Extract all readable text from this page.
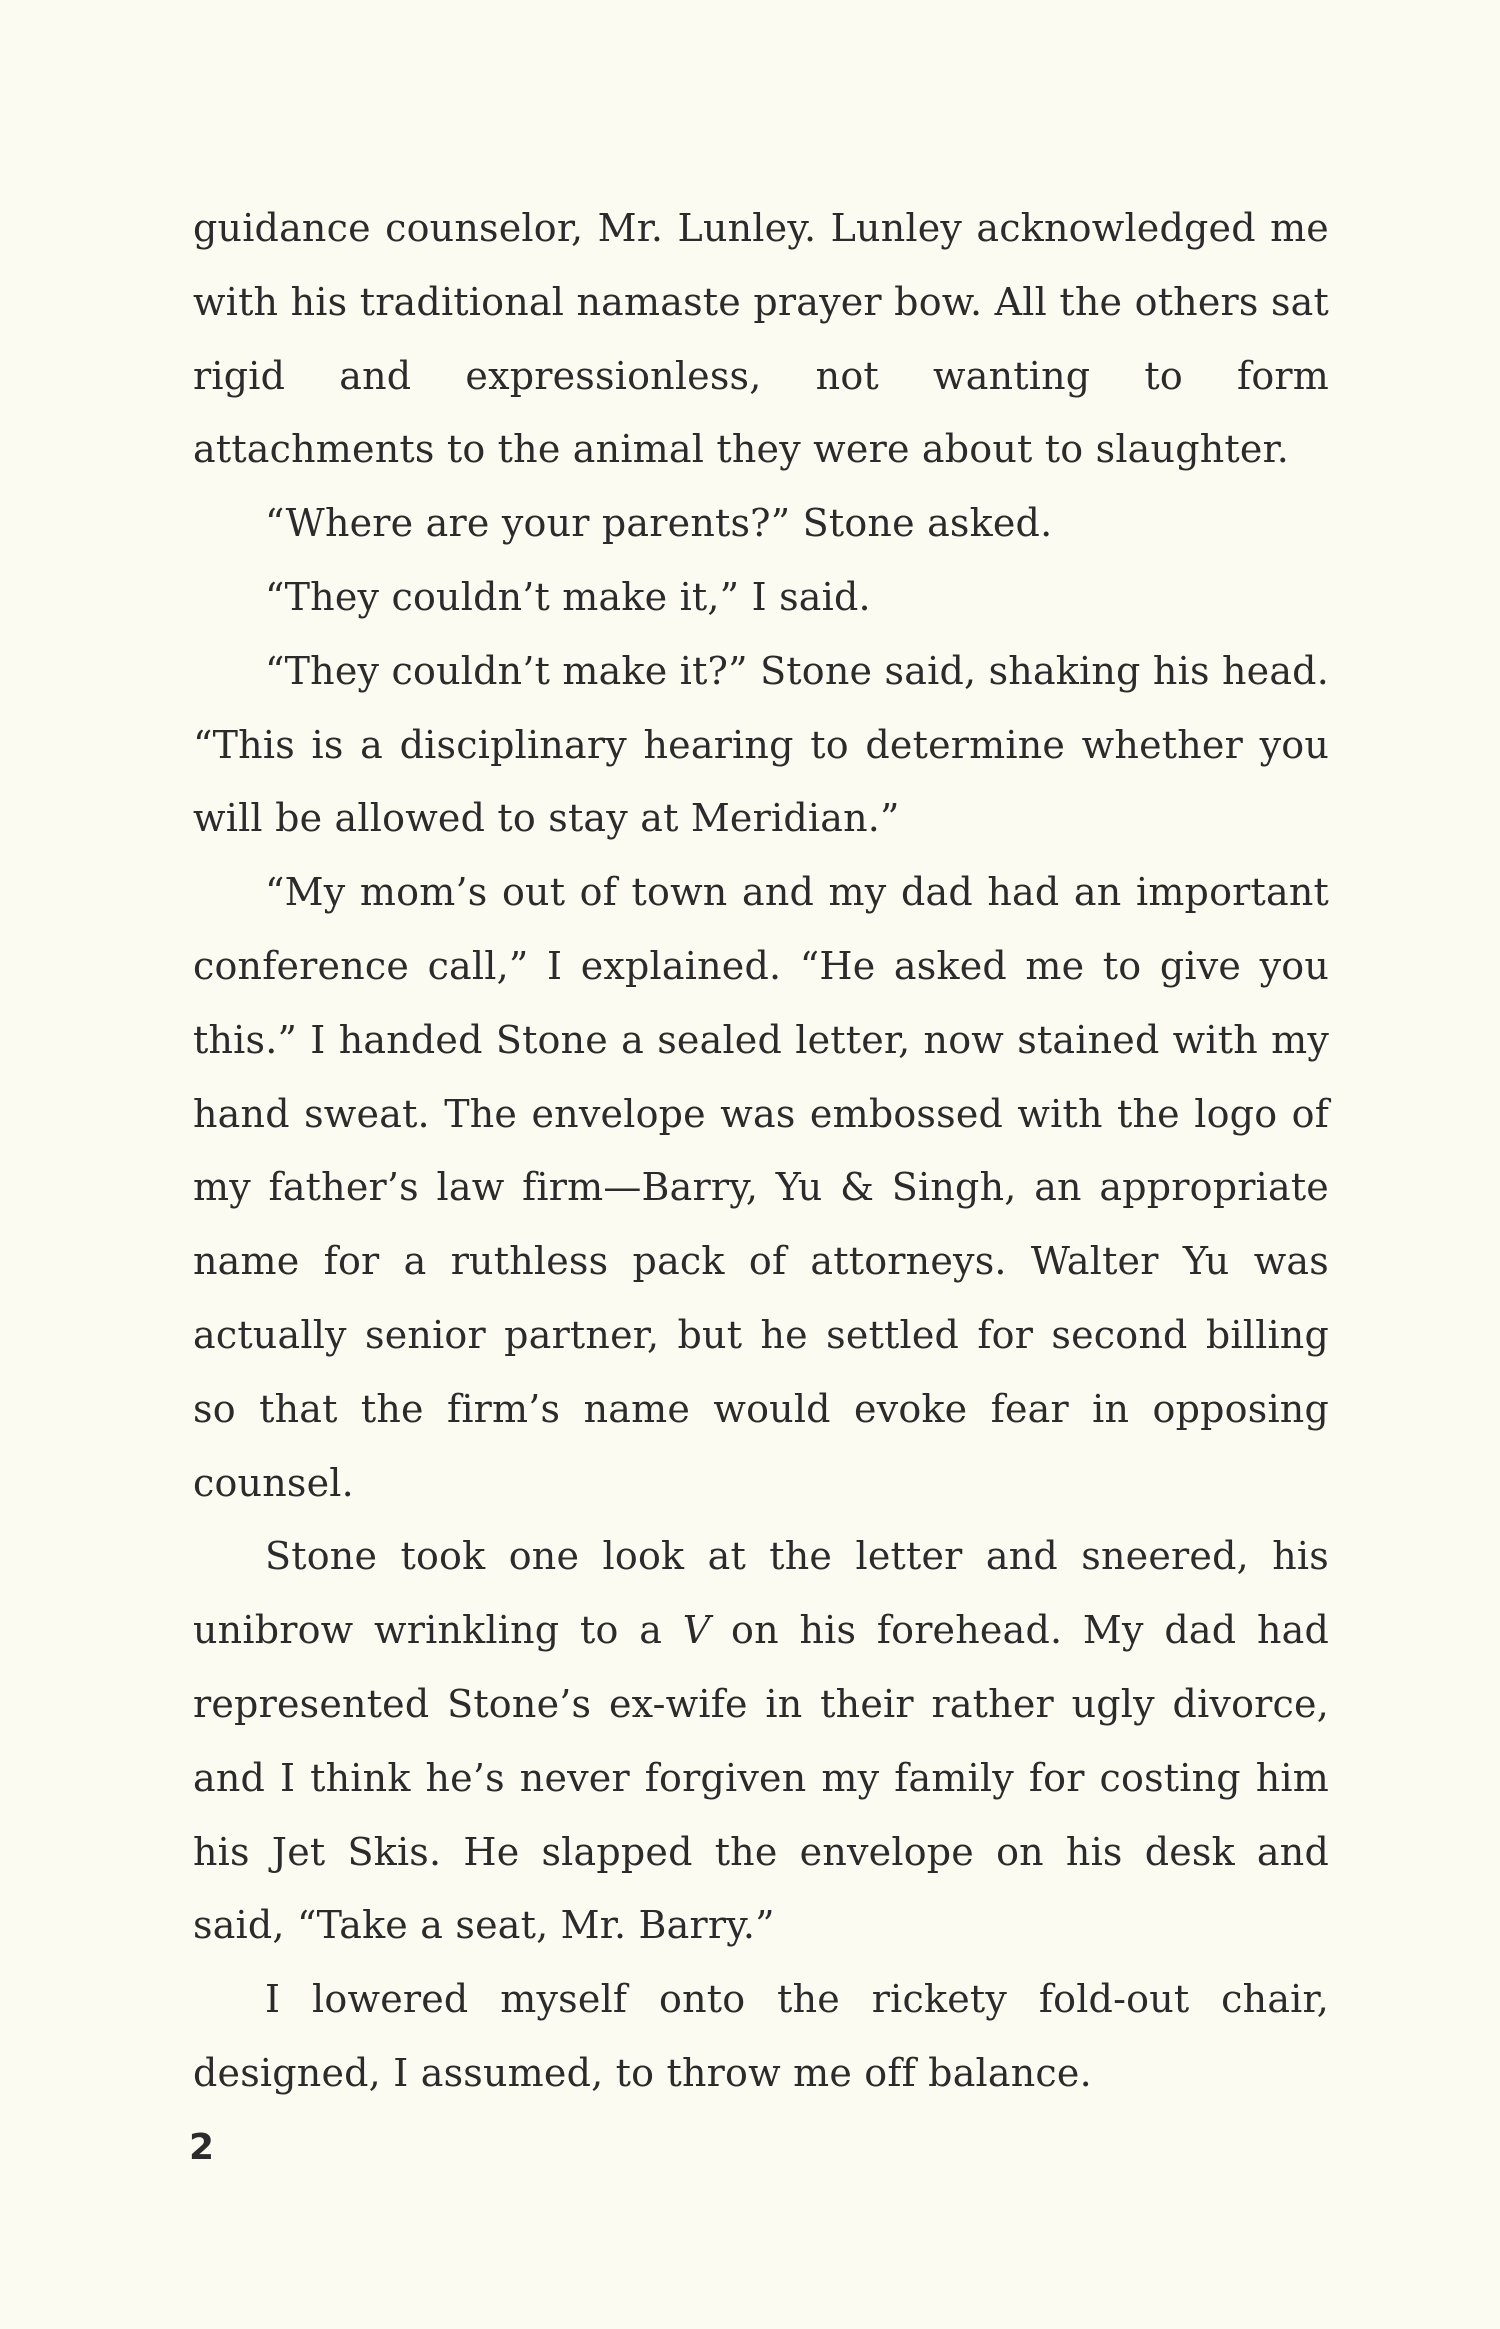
guidance counselor, Mr. Lunley. Lunley acknowledged me with his traditional namaste prayer bow. All the others sat rigid and expressionless, not wanting to form attachments to the animal they were about to slaughter.

“Where are your parents?” Stone asked.

“They couldn’t make it,” I said.

“They couldn’t make it?” Stone said, shaking his head. “This is a disciplinary hearing to determine whether you will be allowed to stay at Meridian.”

“My mom’s out of town and my dad had an important conference call,” I explained. “He asked me to give you this.” I handed Stone a sealed letter, now stained with my hand sweat. The envelope was embossed with the logo of my father’s law firm—Barry, Yu & Singh, an appropriate name for a ruthless pack of attorneys. Walter Yu was actually senior partner, but he settled for second billing so that the firm’s name would evoke fear in opposing counsel.

Stone took one look at the letter and sneered, his unibrow wrinkling to a V on his forehead. My dad had represented Stone’s ex-wife in their rather ugly divorce, and I think he’s never forgiven my family for costing him his Jet Skis. He slapped the envelope on his desk and said, “Take a seat, Mr. Barry.”

I lowered myself onto the rickety fold-out chair, designed, I assumed, to throw me off balance.

2
